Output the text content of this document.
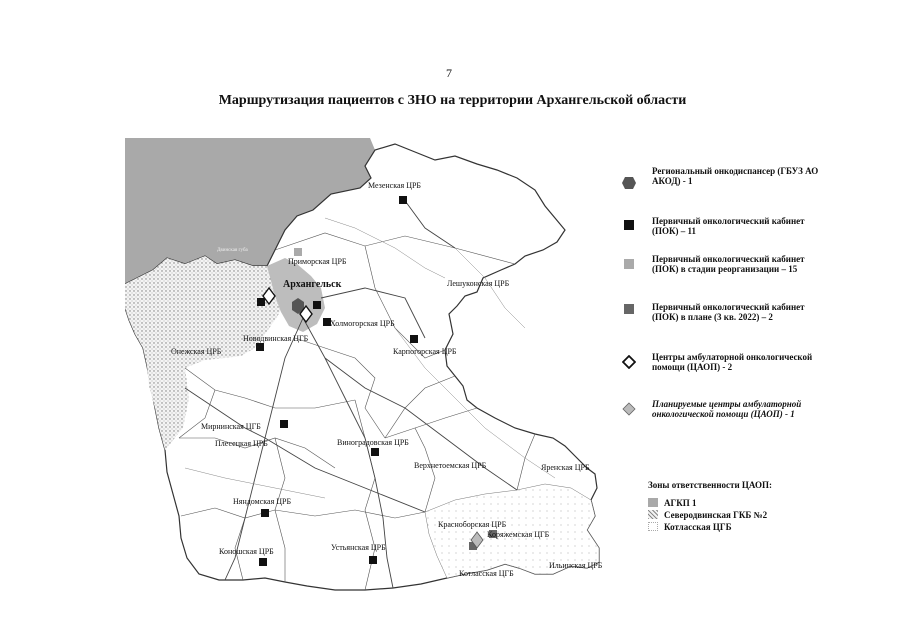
7
Маршрутизация пациентов с ЗНО на территории Архангельской области
Двинская губа
Мезенская ЦРБ
Приморская ЦРБ
Лешуконская ЦРБ
Архангельск
Холмогорская ЦРБ
Новодвинская ЦГБ
Онежская ЦРБ	Карпогорская ЦРБ
Мирнинская ЦГБ
Плесецкая ЦРБ	Виноградовская ЦРБ
Верхнетоемская ЦРБ	Яренская ЦРБ
Няндомская ЦРБ
Красноборская ЦРБ
Коряжемская ЦГБ
Коношская ЦРБ	Устьянская ЦРБ
Ильинская ЦРБ
Котласская ЦГБ
Региональный онкодиспансер (ГБУЗ АО АКОД) - 1
Первичный онкологический кабинет (ПОК) – 11
Первичный онкологический кабинет (ПОК) в стадии реорганизации – 15
Первичный онкологический кабинет (ПОК) в плане (3 кв. 2022) – 2
Центры амбулаторной онкологической помощи (ЦАОП) - 2
Планируемые центры амбулаторной онкологической помощи (ЦАОП) - 1
Зоны ответственности ЦАОП:
АГКП 1
Северодвинская ГКБ №2
Котласская ЦГБ
